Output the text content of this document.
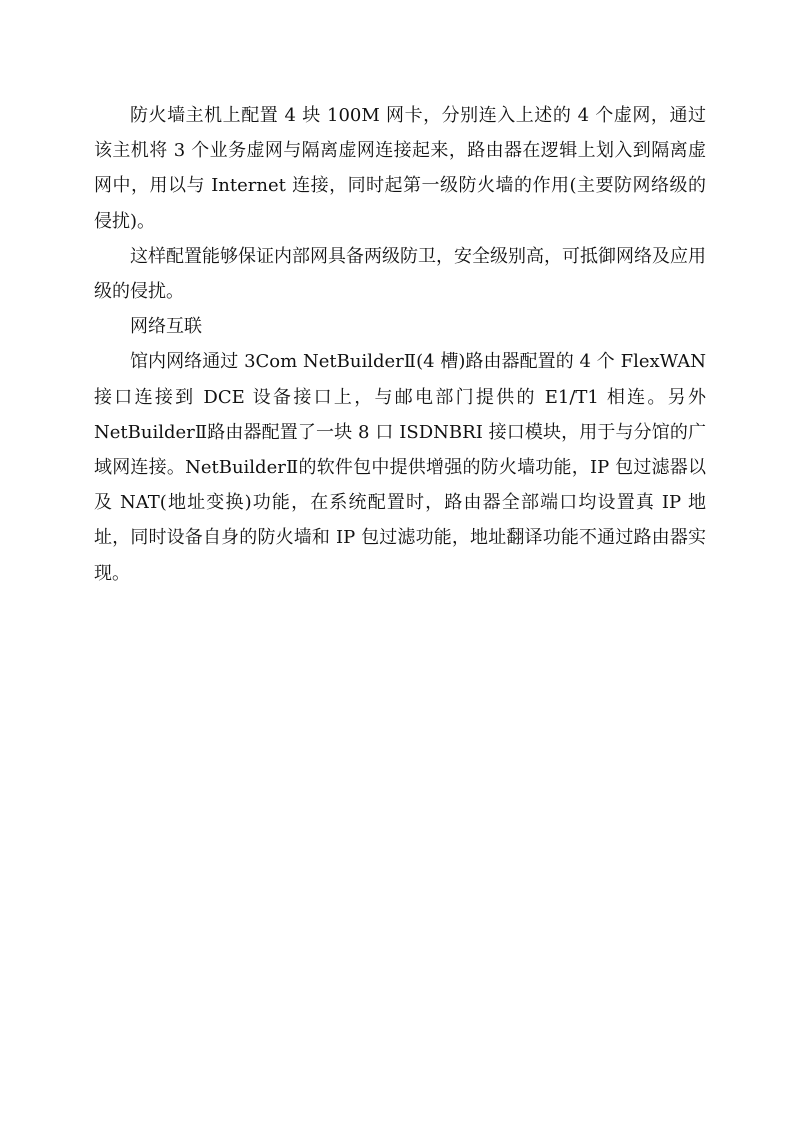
防火墙主机上配置 4 块 100M 网卡，分别连入上述的 4 个虚网，通过该主机将 3 个业务虚网与隔离虚网连接起来，路由器在逻辑上划入到隔离虚网中，用以与 Internet 连接，同时起第一级防火墙的作用(主要防网络级的侵扰)。

这样配置能够保证内部网具备两级防卫，安全级别高，可抵御网络及应用级的侵扰。

网络互联

馆内网络通过 3Com NetBuilderⅡ(4 槽)路由器配置的 4 个 FlexWAN 接口连接到 DCE 设备接口上，与邮电部门提供的 E1/T1 相连。另外 NetBuilderⅡ路由器配置了一块 8 口 ISDNBRI 接口模块，用于与分馆的广域网连接。NetBuilderⅡ的软件包中提供增强的防火墙功能，IP 包过滤器以及 NAT(地址变换)功能，在系统配置时，路由器全部端口均设置真 IP 地址，同时设备自身的防火墙和 IP 包过滤功能，地址翻译功能不通过路由器实现。
